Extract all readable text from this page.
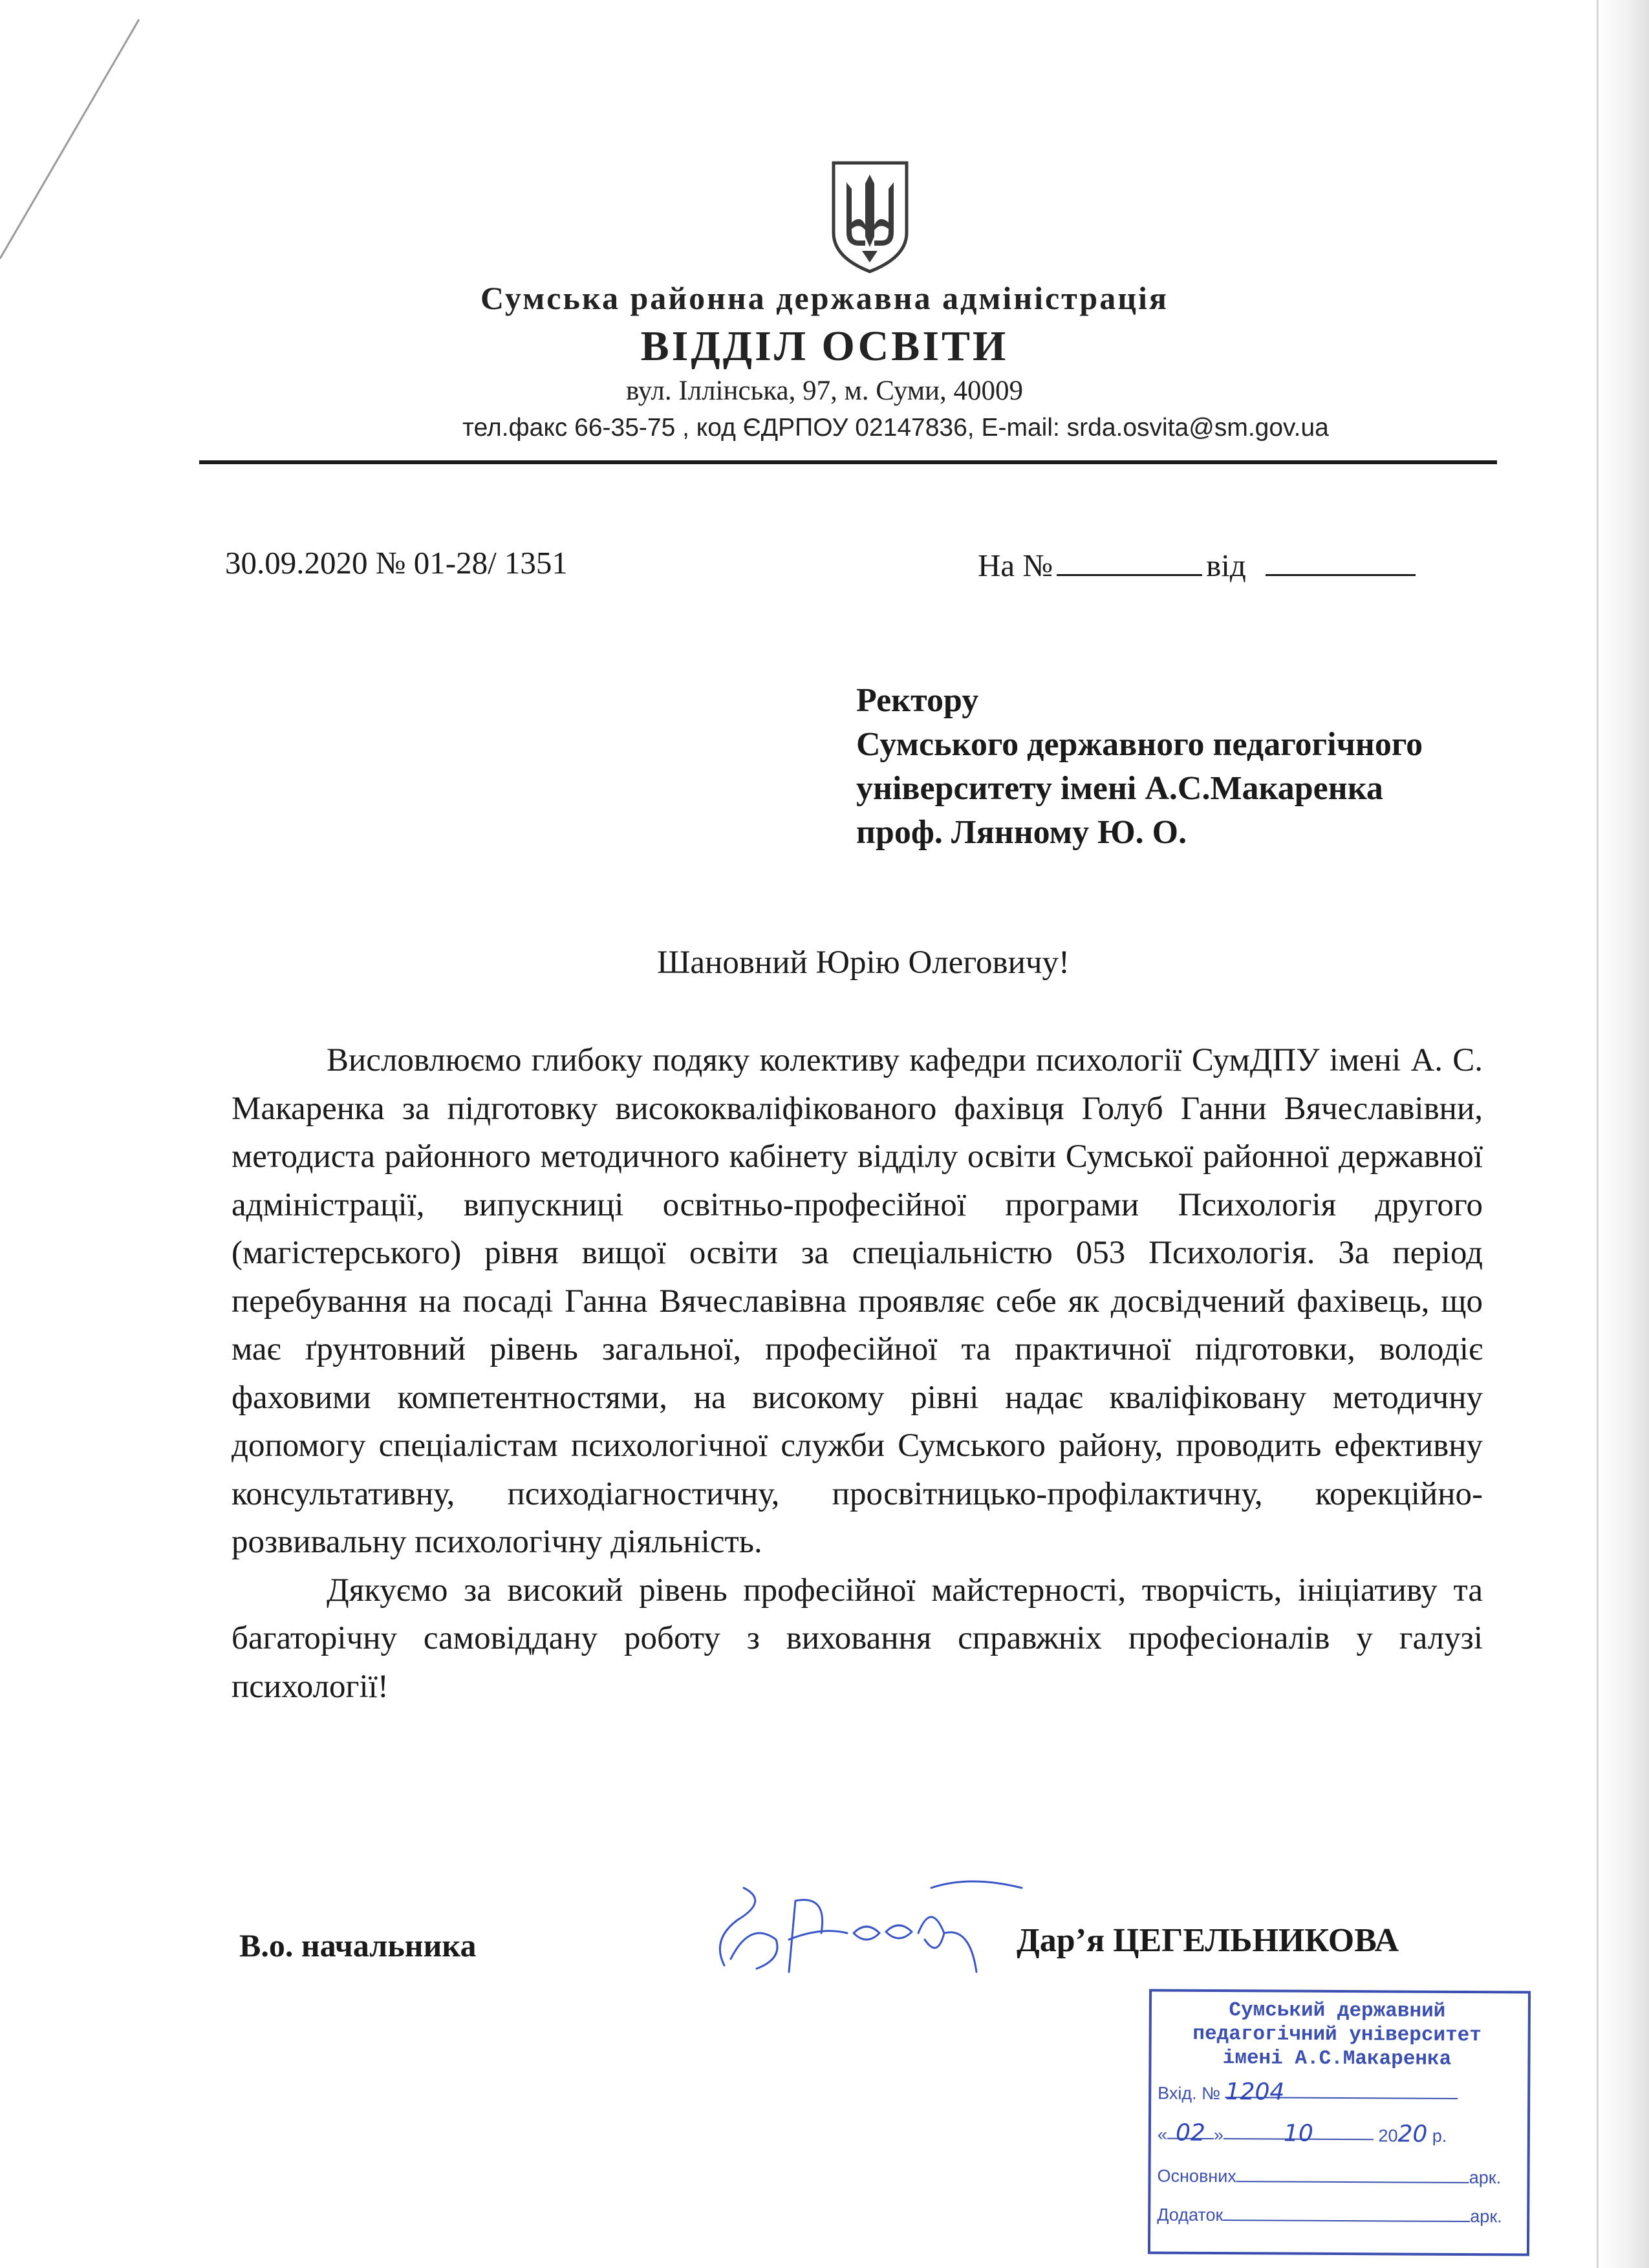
Сумська районна державна адміністрація
ВІДДІЛ ОСВІТИ
вул. Іллінська, 97, м. Суми, 40009
тел.факс 66-35-75 , код ЄДРПОУ 02147836, E-mail: srda.osvita@sm.gov.ua
30.09.2020 № 01-28/ 1351	На №	від
Ректору
Сумського державного педагогічного
університету імені А.С.Макаренка
проф. Лянному Ю. О.
Шановний Юрію Олеговичу!

Висловлюємо глибоку подяку колективу кафедри психології СумДПУ імені А. С. Макаренка за підготовку висококваліфікованого фахівця Голуб Ганни Вячеславівни, методиста районного методичного кабінету відділу освіти Сумської районної державної адміністрації, випускниці освітньо-професійної програми Психологія другого (магістерського) рівня вищої освіти за спеціальністю 053 Психологія. За період перебування на посаді Ганна Вячеславівна проявляє себе як досвідчений фахівець, що має ґрунтовний рівень загальної, професійної та практичної підготовки, володіє фаховими компетентностями, на високому рівні надає кваліфіковану методичну допомогу спеціалістам психологічної служби Сумського району, проводить ефективну консультативну, психодіагностичну, просвітницько-профілактичну, корекційно-розвивальну психологічну діяльність.

Дякуємо за високий рівень професійної майстерності, творчість, ініціативу та багаторічну самовіддану роботу з виховання справжніх професіоналів у галузі психології!

В.о. начальника	Дар’я ЦЕГЕЛЬНИКОВА
Сумський державний педагогічний університет імені А.С.Макаренка
Вхід. № 1204
« 02 »	10	2020 р.
Основних	арк.
Додаток	арк.
